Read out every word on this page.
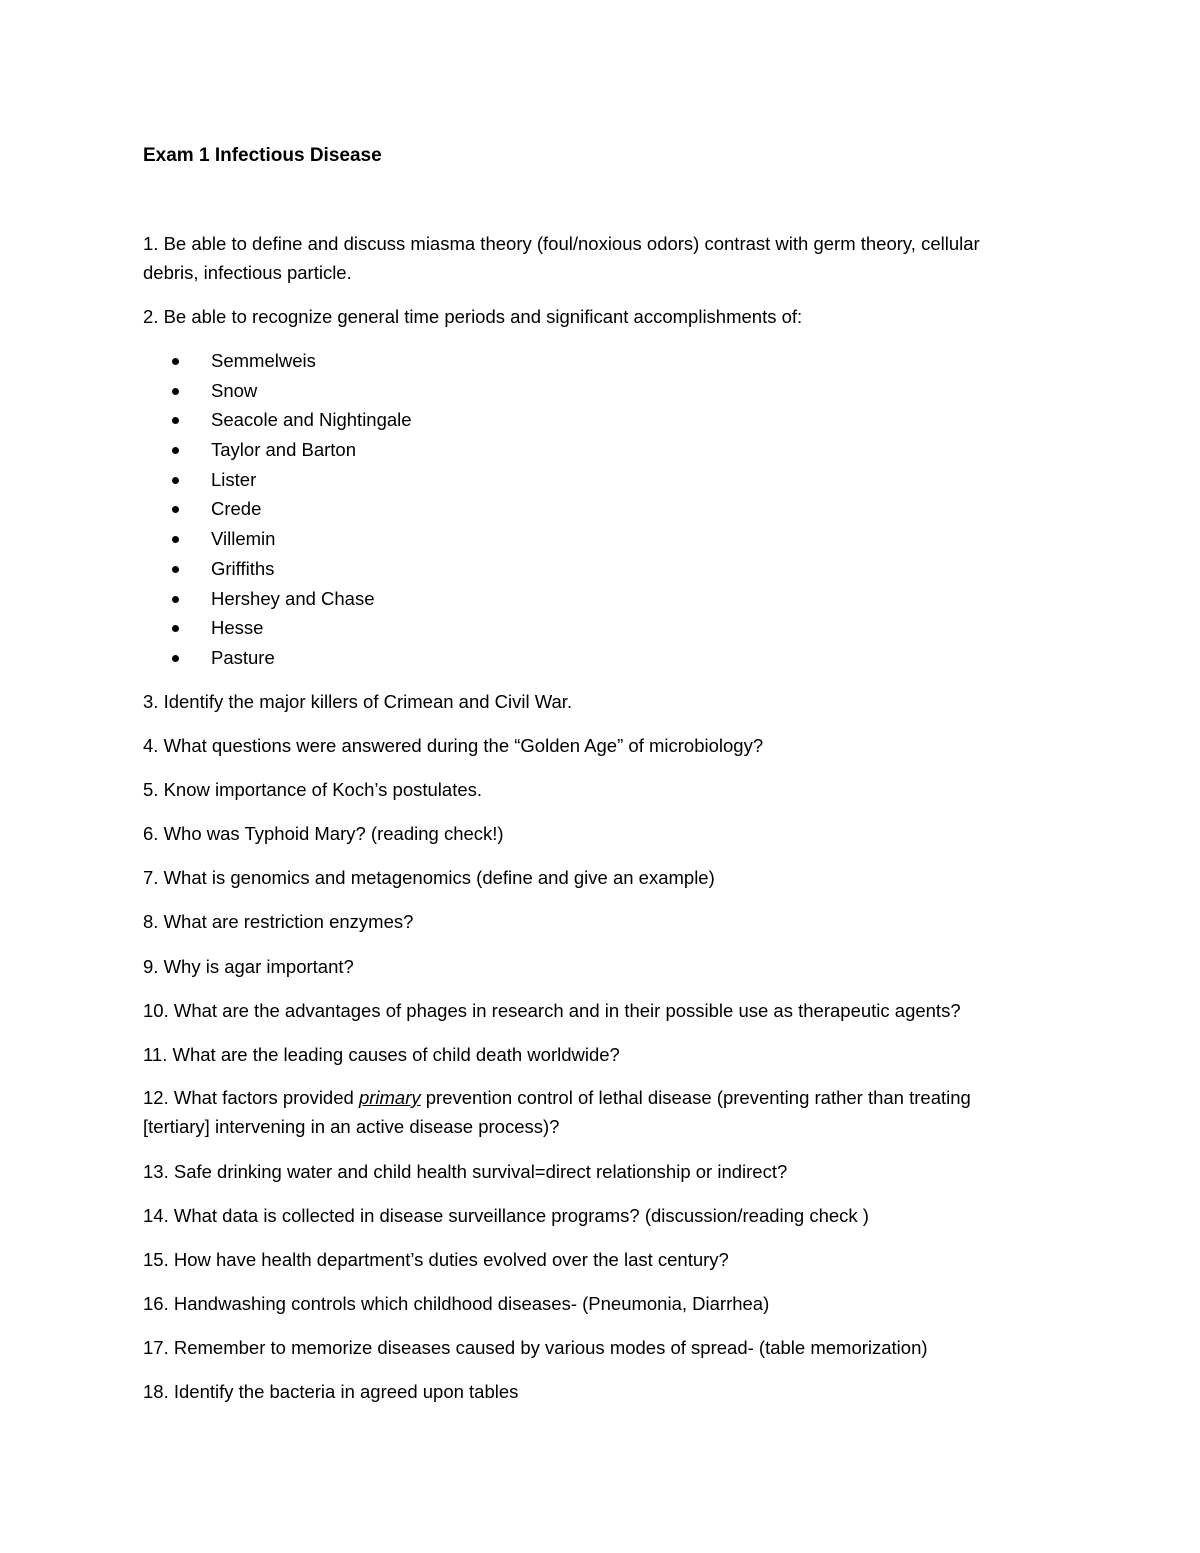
Exam 1 Infectious Disease
1. Be able to define and discuss miasma theory (foul/noxious odors) contrast with germ theory, cellular
debris, infectious particle.
2. Be able to recognize general time periods and significant accomplishments of:
Semmelweis
Snow
Seacole and Nightingale
Taylor and Barton
Lister
Crede
Villemin
Griffiths
Hershey and Chase
Hesse
Pasture
3. Identify the major killers of Crimean and Civil War.
4. What questions were answered during the “Golden Age” of microbiology?
5. Know importance of Koch’s postulates.
6. Who was Typhoid Mary? (reading check!)
7. What is genomics and metagenomics (define and give an example)
8. What are restriction enzymes?
9. Why is agar important?
10. What are the advantages of phages in research and in their possible use as therapeutic agents?
11. What are the leading causes of child death worldwide?
12. What factors provided primary prevention control of lethal disease (preventing rather than treating
[tertiary] intervening in an active disease process)?
13. Safe drinking water and child health survival=direct relationship or indirect?
14. What data is collected in disease surveillance programs? (discussion/reading check )
15. How have health department’s duties evolved over the last century?
16. Handwashing controls which childhood diseases- (Pneumonia, Diarrhea)
17. Remember to memorize diseases caused by various modes of spread- (table memorization)
18. Identify the bacteria in agreed upon tables
